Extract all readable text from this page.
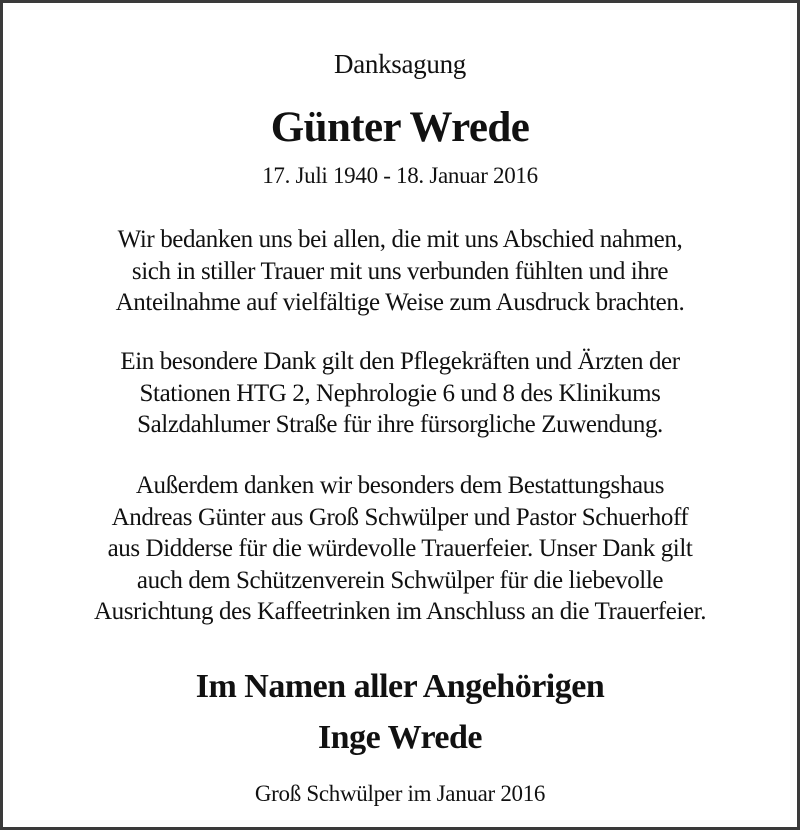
Danksagung
Günter Wrede
17. Juli 1940 - 18. Januar 2016
Wir bedanken uns bei allen, die mit uns Abschied nahmen,
sich in stiller Trauer mit uns verbunden fühlten und ihre
Anteilnahme auf vielfältige Weise zum Ausdruck brachten.
Ein besondere Dank gilt den Pflegekräften und Ärzten der
Stationen HTG 2, Nephrologie 6 und 8 des Klinikums
Salzdahlumer Straße für ihre fürsorgliche Zuwendung.
Außerdem danken wir besonders dem Bestattungshaus
Andreas Günter aus Groß Schwülper und Pastor Schuerhoff
aus Didderse für die würdevolle Trauerfeier. Unser Dank gilt
auch dem Schützenverein Schwülper für die liebevolle
Ausrichtung des Kaffeetrinken im Anschluss an die Trauerfeier.
Im Namen aller Angehörigen
Inge Wrede
Groß Schwülper im Januar 2016
